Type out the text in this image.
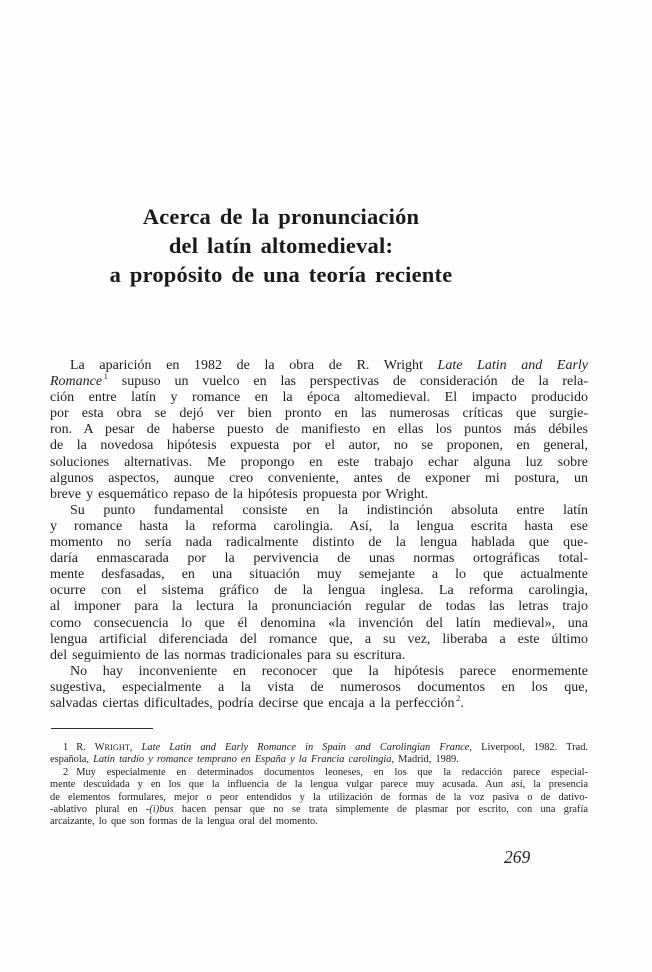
Acerca de la pronunciación
del latín altomedieval:
a propósito de una teoría reciente
La aparición en 1982 de la obra de R. Wright Late Latin and Early
Romance $^1$ supuso un vuelco en las perspectivas de consideración de la rela-
ción entre latín y romance en la época altomedieval. El impacto producido
por esta obra se dejó ver bien pronto en las numerosas críticas que surgie-
ron. A pesar de haberse puesto de manifiesto en ellas los puntos más débiles
de la novedosa hipótesis expuesta por el autor, no se proponen, en general,
soluciones alternativas. Me propongo en este trabajo echar alguna luz sobre
algunos aspectos, aunque creo conveniente, antes de exponer mi postura, un
breve y esquemático repaso de la hipótesis propuesta por Wright.
Su punto fundamental consiste en la indistinción absoluta entre latín
y romance hasta la reforma carolingia. Así, la lengua escrita hasta ese
momento no sería nada radicalmente distinto de la lengua hablada que que-
daría enmascarada por la pervivencia de unas normas ortográficas total-
mente desfasadas, en una situación muy semejante a lo que actualmente
ocurre con el sistema gráfico de la lengua inglesa. La reforma carolingia,
al imponer para la lectura la pronunciación regular de todas las letras trajo
como consecuencia lo que él denomina «la invención del latín medieval», una
lengua artificial diferenciada del romance que, a su vez, liberaba a este último
del seguimiento de las normas tradicionales para su escritura.
No hay inconveniente en reconocer que la hipótesis parece enormemente
sugestiva, especialmente a la vista de numerosos documentos en los que,
salvadas ciertas dificultades, podría decirse que encaja a la perfección $^2$.
1 R. WRIGHT, Late Latin and Early Romance in Spain and Carolingian France, Liverpool, 1982. Trad.
española, Latín tardío y romance temprano en España y la Francia carolingia, Madrid, 1989.
2 Muy especialmente en determinados documentos leoneses, en los que la redacción parece especial-
mente descuidada y en los que la influencia de la lengua vulgar parece muy acusada. Aun así, la presencia
de elementos formulares, mejor o peor entendidos y la utilización de formas de la voz pasiva o de dativo-
-ablativo plural en -(i)bus hacen pensar que no se trata simplemente de plasmar por escrito, con una grafía
arcaizante, lo que son formas de la lengua oral del momento.
269
